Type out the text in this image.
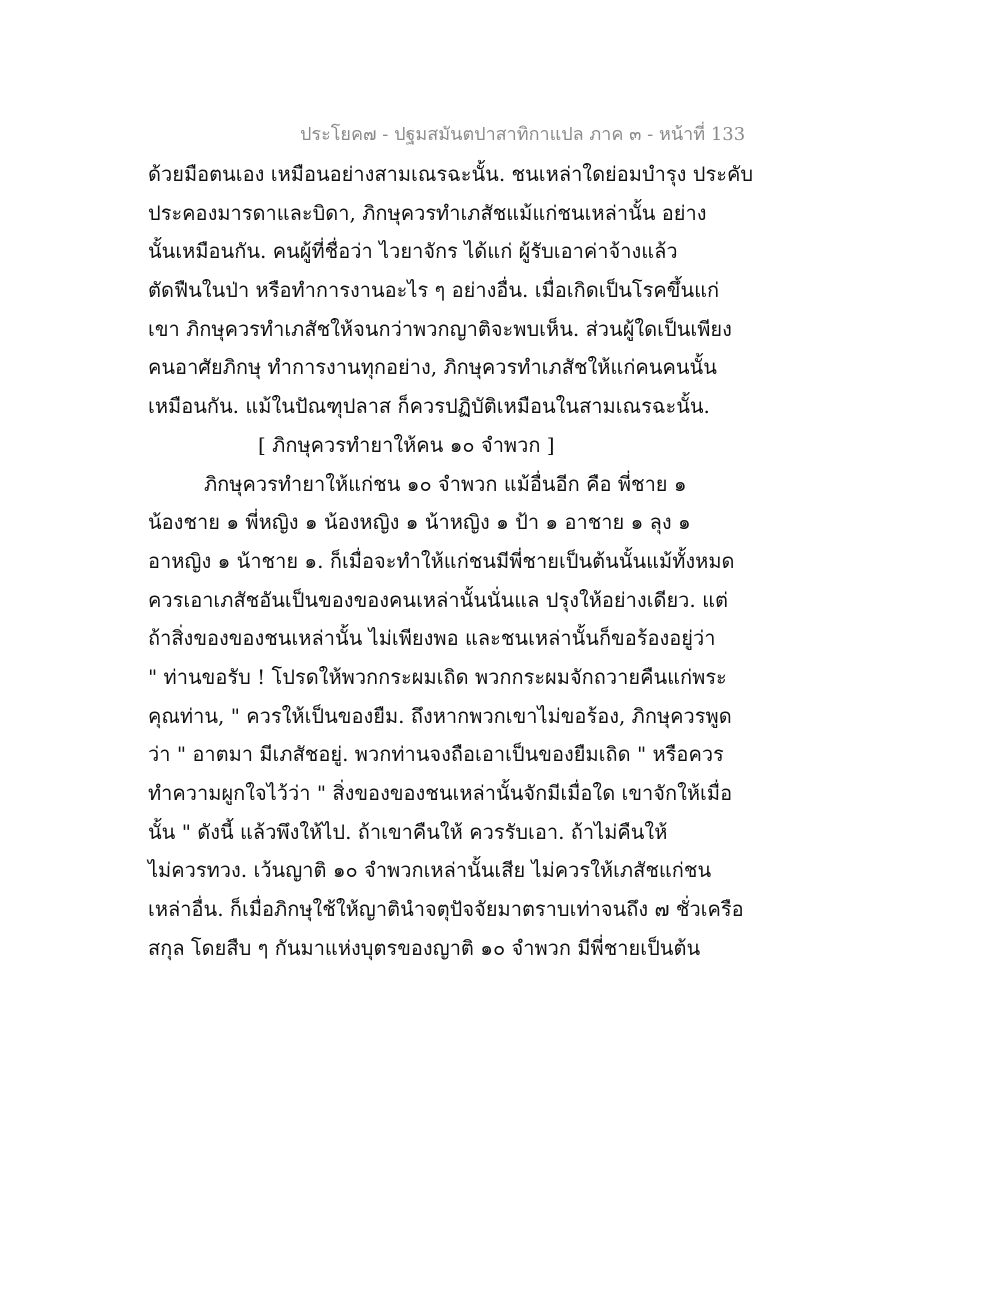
ประโยค๗ - ปฐมสมันตปาสาทิกาแปล ภาค ๓ - หน้าที่ 133
ด้วยมือตนเอง เหมือนอย่างสามเณรฉะนั้น. ชนเหล่าใดย่อมบำรุง ประคับ
ประคองมารดาและบิดา, ภิกษุควรทำเภสัชแม้แก่ชนเหล่านั้น อย่าง
นั้นเหมือนกัน. คนผู้ที่ชื่อว่า ไวยาจักร ได้แก่ ผู้รับเอาค่าจ้างแล้ว
ตัดฟืนในป่า หรือทำการงานอะไร ๆ อย่างอื่น. เมื่อเกิดเป็นโรคขึ้นแก่
เขา ภิกษุควรทำเภสัชให้จนกว่าพวกญาติจะพบเห็น. ส่วนผู้ใดเป็นเพียง
คนอาศัยภิกษุ ทำการงานทุกอย่าง, ภิกษุควรทำเภสัชให้แก่คนคนนั้น
เหมือนกัน. แม้ในปัณฑุปลาส ก็ควรปฏิบัติเหมือนในสามเณรฉะนั้น.
[ ภิกษุควรทำยาให้คน ๑๐ จำพวก ]
ภิกษุควรทำยาให้แก่ชน ๑๐ จำพวก แม้อื่นอีก คือ พี่ชาย ๑
น้องชาย ๑ พี่หญิง ๑ น้องหญิง ๑ น้าหญิง ๑ ป้า ๑ อาชาย ๑ ลุง ๑
อาหญิง ๑ น้าชาย ๑. ก็เมื่อจะทำให้แก่ชนมีพี่ชายเป็นต้นนั้นแม้ทั้งหมด
ควรเอาเภสัชอันเป็นของของคนเหล่านั้นนั่นแล ปรุงให้อย่างเดียว. แต่
ถ้าสิ่งของของชนเหล่านั้น ไม่เพียงพอ และชนเหล่านั้นก็ขอร้องอยู่ว่า
" ท่านขอรับ ! โปรดให้พวกกระผมเถิด พวกกระผมจักถวายคืนแก่พระ
คุณท่าน, " ควรให้เป็นของยืม. ถึงหากพวกเขาไม่ขอร้อง, ภิกษุควรพูด
ว่า " อาตมา มีเภสัชอยู่. พวกท่านจงถือเอาเป็นของยืมเถิด " หรือควร
ทำความผูกใจไว้ว่า " สิ่งของของชนเหล่านั้นจักมีเมื่อใด เขาจักให้เมื่อ
นั้น " ดังนี้ แล้วพึงให้ไป. ถ้าเขาคืนให้ ควรรับเอา. ถ้าไม่คืนให้
ไม่ควรทวง. เว้นญาติ ๑๐ จำพวกเหล่านั้นเสีย ไม่ควรให้เภสัชแก่ชน
เหล่าอื่น. ก็เมื่อภิกษุใช้ให้ญาตินำจตุปัจจัยมาตราบเท่าจนถึง ๗ ชั่วเครือ
สกุล โดยสืบ ๆ กันมาแห่งบุตรของญาติ ๑๐ จำพวก มีพี่ชายเป็นต้น
